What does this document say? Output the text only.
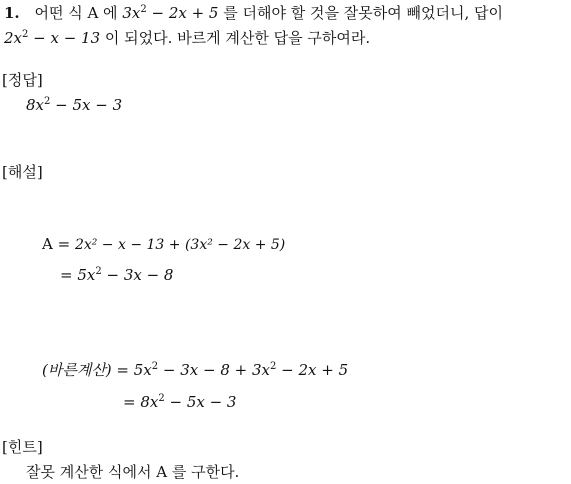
1. 어떤 식 A 에 $3x^2 - 2x + 5$ 를 더해야 할 것을 잘못하여 빼었더니, 답이
$2x^2 - x - 13$ 이 되었다. 바르게 계산한 답을 구하여라.
[정답]
$8x^2 - 5x - 3$
[해설]
A = 2x² − x − 13 + (3x² − 2x + 5)
= $5x^2 - 3x - 8$
(바른계산) = $5x^2 - 3x - 8 + 3x^2 - 2x + 5$
= $8x^2 - 5x - 3$
[힌트]
잘못 계산한 식에서 A 를 구한다.
